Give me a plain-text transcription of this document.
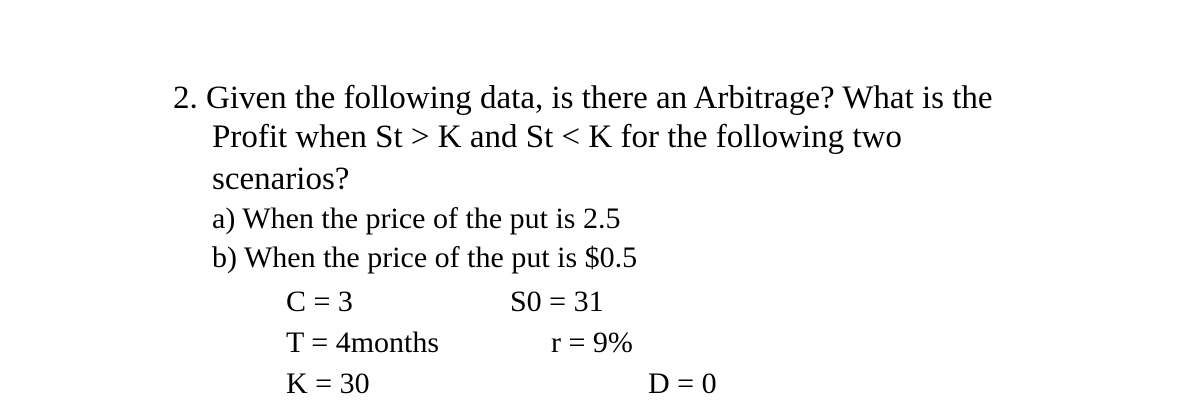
2. Given the following data, is there an Arbitrage? What is the
Profit when St > K and St < K for the following two
scenarios?
a) When the price of the put is 2.5
b) When the price of the put is $0.5
C = 3	S0 = 31
T = 4months	r = 9%
K = 30	D = 0
